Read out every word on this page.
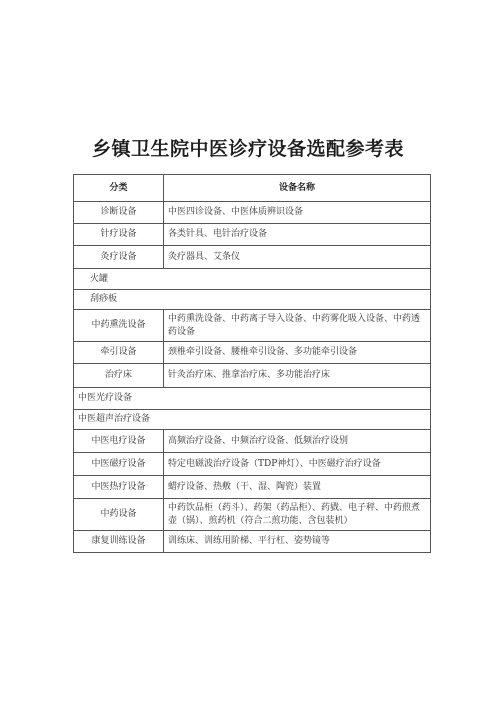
乡镇卫生院中医诊疗设备选配参考表
分类	设备名称
诊断设备	中医四诊设备、中医体质辨识设备
针疗设备	各类针具、电针治疗设备
灸疗设备	灸疗器具、艾条仪
火罐	
刮痧板	
中药熏洗设备	中药熏洗设备、中药离子导入设备、中药雾化吸入设备、中药透药设备
牵引设备	颈椎牵引设备、腰椎牵引设备、多功能牵引设备
治疗床	针灸治疗床、推拿治疗床、多功能治疗床
中医光疗设备	
中医超声治疗设备	
中医电疗设备	高频治疗设备、中频治疗设备、低频治疗设别
中医磁疗设备	特定电磁波治疗设备（TDP神灯）、中医磁疗治疗设备
中医热疗设备	蜡疗设备、热敷（干、湿、陶瓷）装置
中药设备	中药饮品柜（药斗）、药架（药品柜）、药戥、电子秤、中药煎煮壶（锅）、煎药机（符合二煎功能、含包装机）
康复训练设备	训练床、训练用阶梯、平行杠、姿势镜等
